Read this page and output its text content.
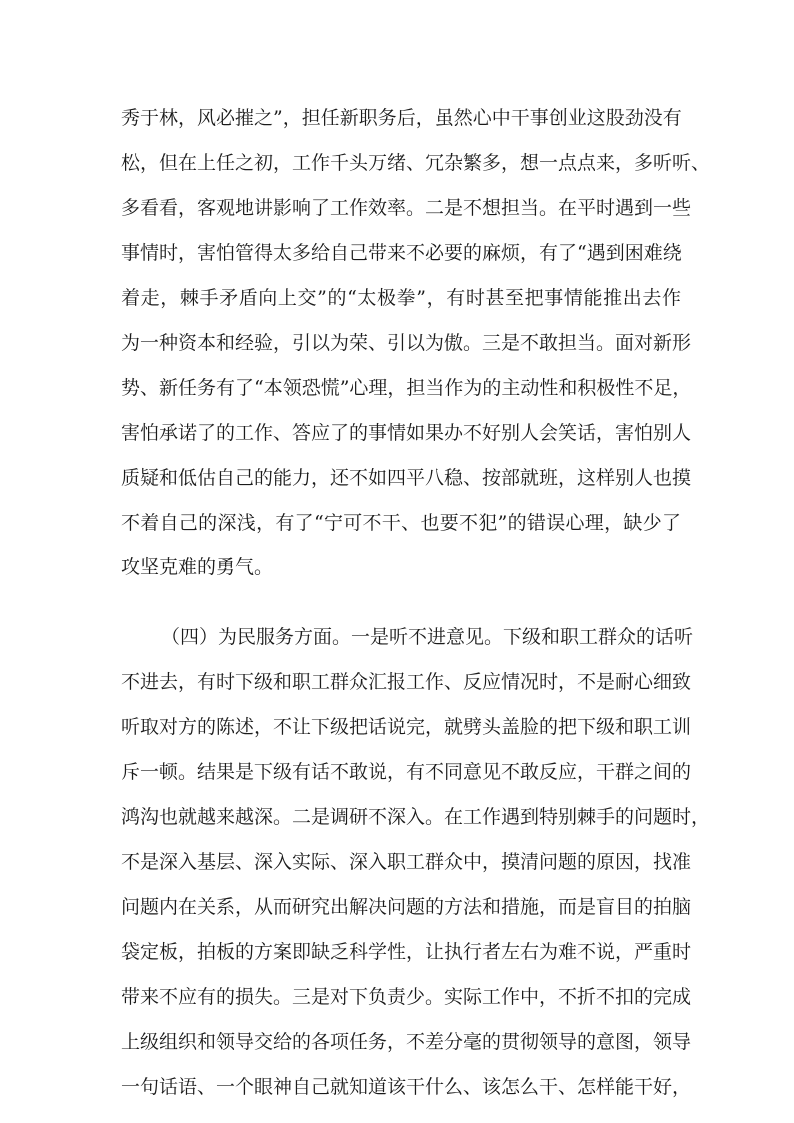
秀于林，风必摧之”，担任新职务后，虽然心中干事创业这股劲没有
松，但在上任之初，工作千头万绪、冗杂繁多，想一点点来，多听听、
多看看，客观地讲影响了工作效率。二是不想担当。在平时遇到一些
事情时，害怕管得太多给自己带来不必要的麻烦，有了“遇到困难绕
着走，棘手矛盾向上交”的“太极拳”，有时甚至把事情能推出去作
为一种资本和经验，引以为荣、引以为傲。三是不敢担当。面对新形
势、新任务有了“本领恐慌”心理，担当作为的主动性和积极性不足，
害怕承诺了的工作、答应了的事情如果办不好别人会笑话，害怕别人
质疑和低估自己的能力，还不如四平八稳、按部就班，这样别人也摸
不着自己的深浅，有了“宁可不干、也要不犯”的错误心理，缺少了
攻坚克难的勇气。
（四）为民服务方面。一是听不进意见。下级和职工群众的话听
不进去，有时下级和职工群众汇报工作、反应情况时，不是耐心细致
听取对方的陈述，不让下级把话说完，就劈头盖脸的把下级和职工训
斥一顿。结果是下级有话不敢说，有不同意见不敢反应，干群之间的
鸿沟也就越来越深。二是调研不深入。在工作遇到特别棘手的问题时，
不是深入基层、深入实际、深入职工群众中，摸清问题的原因，找准
问题内在关系，从而研究出解决问题的方法和措施，而是盲目的拍脑
袋定板，拍板的方案即缺乏科学性，让执行者左右为难不说，严重时
带来不应有的损失。三是对下负责少。实际工作中，不折不扣的完成
上级组织和领导交给的各项任务，不差分毫的贯彻领导的意图，领导
一句话语、一个眼神自己就知道该干什么、该怎么干、怎样能干好，
